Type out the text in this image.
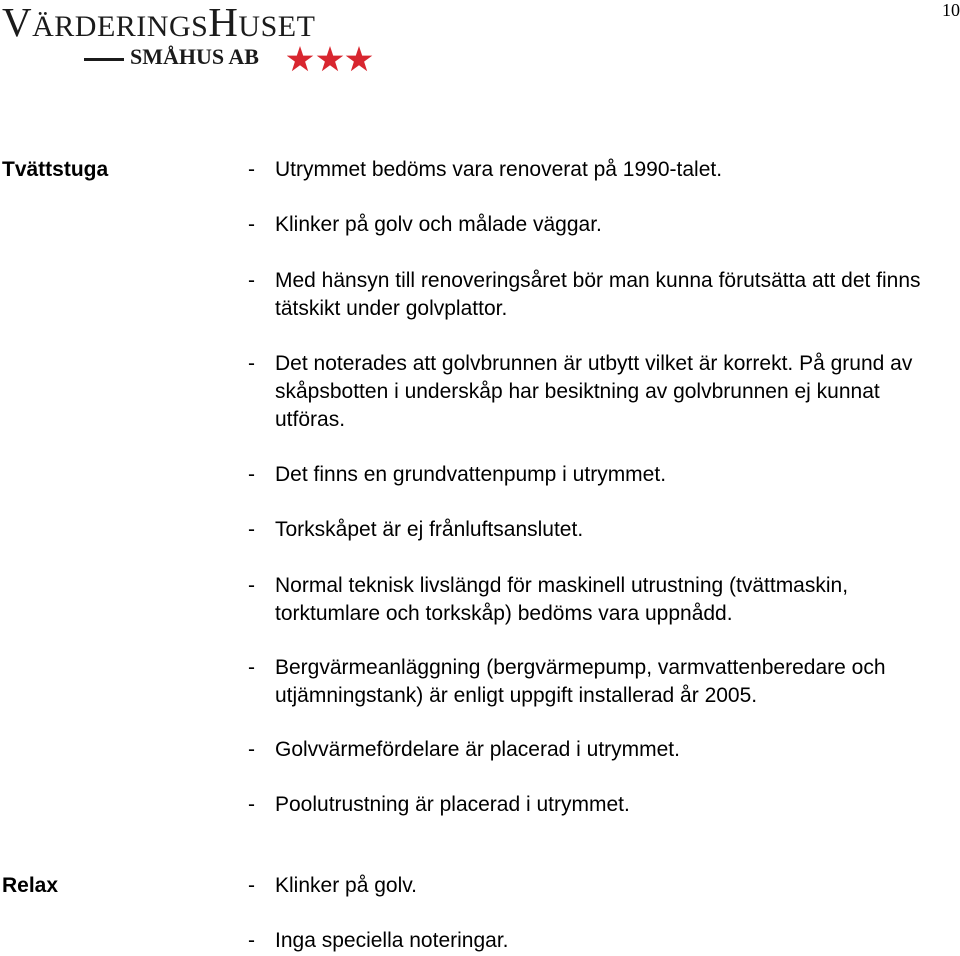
10
VÄRDERINGSHUSET
SMÅHUS AB
Tvättstuga	- Utrymmet bedöms vara renoverat på 1990-talet.
- Klinker på golv och målade väggar.
- Med hänsyn till renoveringsåret bör man kunna förutsätta att det finns tätskikt under golvplattor.
- Det noterades att golvbrunnen är utbytt vilket är korrekt. På grund av skåpsbotten i underskåp har besiktning av golvbrunnen ej kunnat utföras.
- Det finns en grundvattenpump i utrymmet.
- Torkskåpet är ej frånluftsanslutet.
- Normal teknisk livslängd för maskinell utrustning (tvättmaskin, torktumlare och torkskåp) bedöms vara uppnådd.
- Bergvärmeanläggning (bergvärmepump, varmvattenberedare och utjämningstank) är enligt uppgift installerad år 2005.
- Golvvärmefördelare är placerad i utrymmet.
- Poolutrustning är placerad i utrymmet.
Relax	- Klinker på golv.
- Inga speciella noteringar.
